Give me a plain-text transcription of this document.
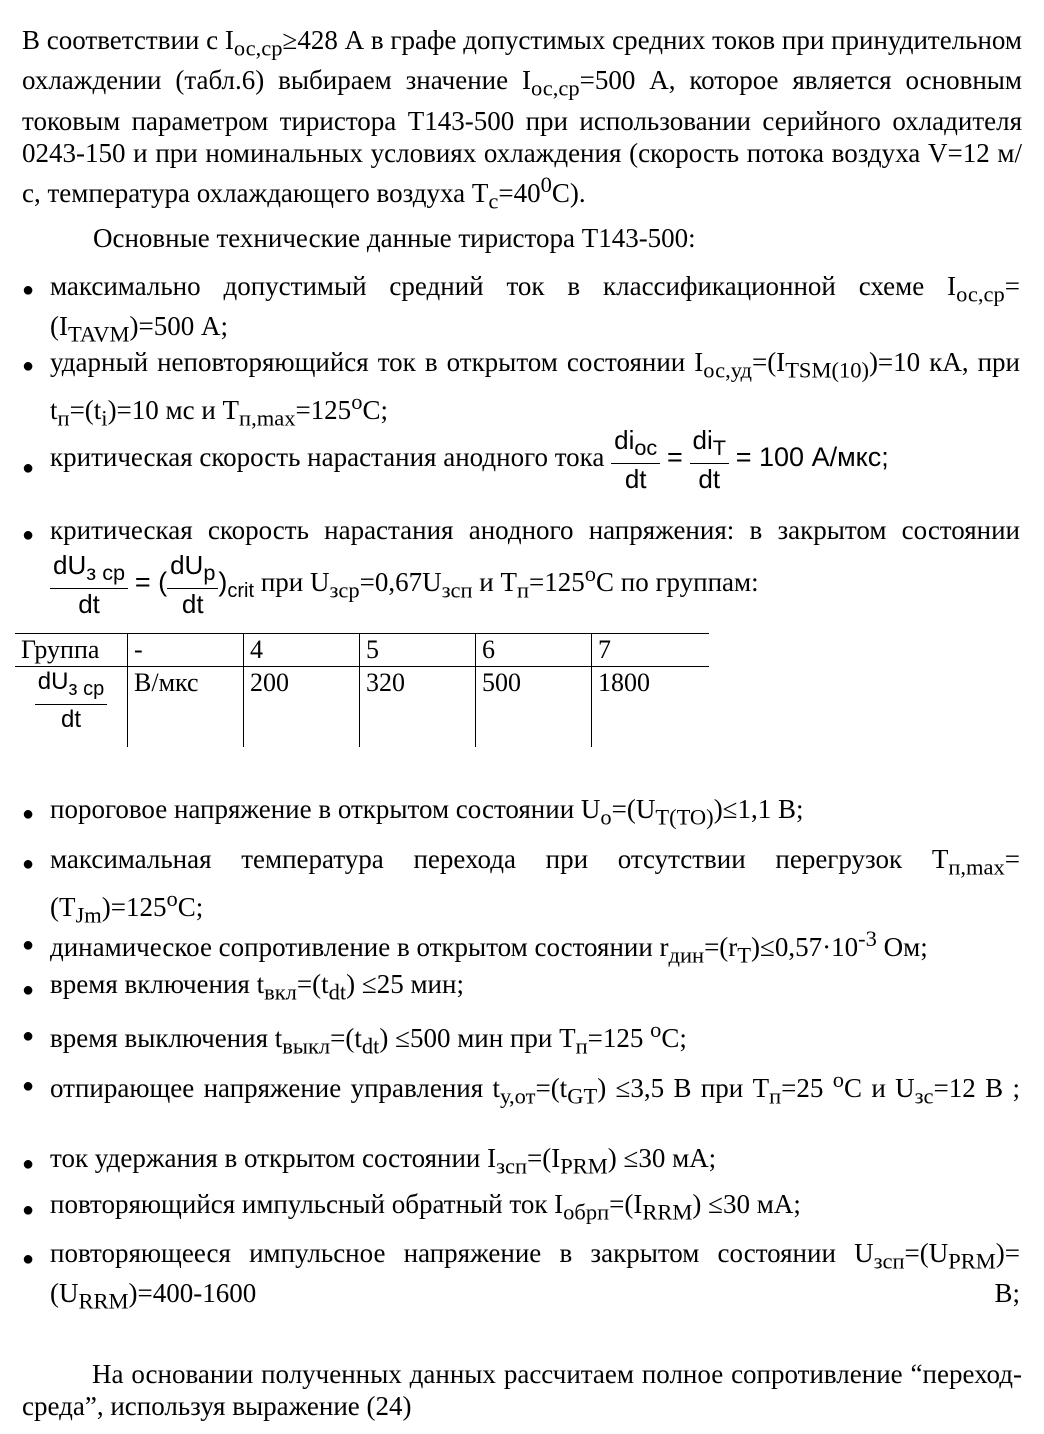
В соответствии с $I_{ос,ср}\ge 428$ А в графе допустимых средних токов при принудительном охлаждении (табл.6) выбираем значение $I_{ос,ср}=500$ А, которое является основным токовым параметром тиристора Т143-500 при использовании серийного охладителя 0243-150 и при номинальных условиях охлаждения (скорость потока воздуха V=12 м/с, температура охлаждающего воздуха $Т_с=40^0С$).

Основные технические данные тиристора Т143-500:

● максимально допустимый средний ток в классификационной схеме $I_{ос,ср}=(I_{TAVM})=500$ А;

● ударный неповторяющийся ток в открытом состоянии $I_{ос,уд}=(I_{TSM(10)})=10$ кА, при $t_п=(t_i)=10$ мс и $Т_{п,max}=125^оС$;

● критическая скорость нарастания анодного тока $\frac{di_{oc}}{dt} = \frac{di_T}{dt} = 100$ А/мкс;

● критическая скорость нарастания анодного напряжения: в закрытом состоянии

$\frac{dU_{з cp}}{dt}$ = ( $\frac{dU_p}{dt} )_{crit}$ при $U_{зср}=0,67U_{зсп}$ и $Т_п=125^оС$ по группам:

Группа	-	4	5	6	7

$\frac{dU_{з cp}}{dt}$	В/мкс	200	320	500	1800
● пороговое напряжение в открытом состоянии $U_о=(U_{T(TO)})\le 1,1$ В;

● максимальная температура перехода при отсутствии перегрузок $Т_{п,max}=(T_{Jm})=125^оС$;

● динамическое сопротивление в открытом состоянии $r_{дин}=(r_T)\le 0,57\cdot 10^{-3}$ Ом;

● время включения $t_{вкл}=(t_{dt}) \le 25$ мин;

● время выключения $t_{выкл}=(t_{dt}) \le 500$ мин при $Т_п=125$ $^о$С;

● отпирающее напряжение управления $t_{у,от}=(t_{GT}) \le 3,5$ В при $Т_п=25$ $^о$С и $U_{зс}=12$ В ;

● ток удержания в открытом состоянии $I_{зсп}=(I_{PRM}) \le 30$ мА;

● повторяющийся импульсный обратный ток $I_{обрп}=(I_{RRM}) \le 30$ мА;

● повторяющееся импульсное напряжение в закрытом состоянии $U_{зсп}=(U_{PRM})=(U_{RRM})=400-1600$ В;

На основании полученных данных рассчитаем полное сопротивление “переход-среда”, используя выражение (24)
